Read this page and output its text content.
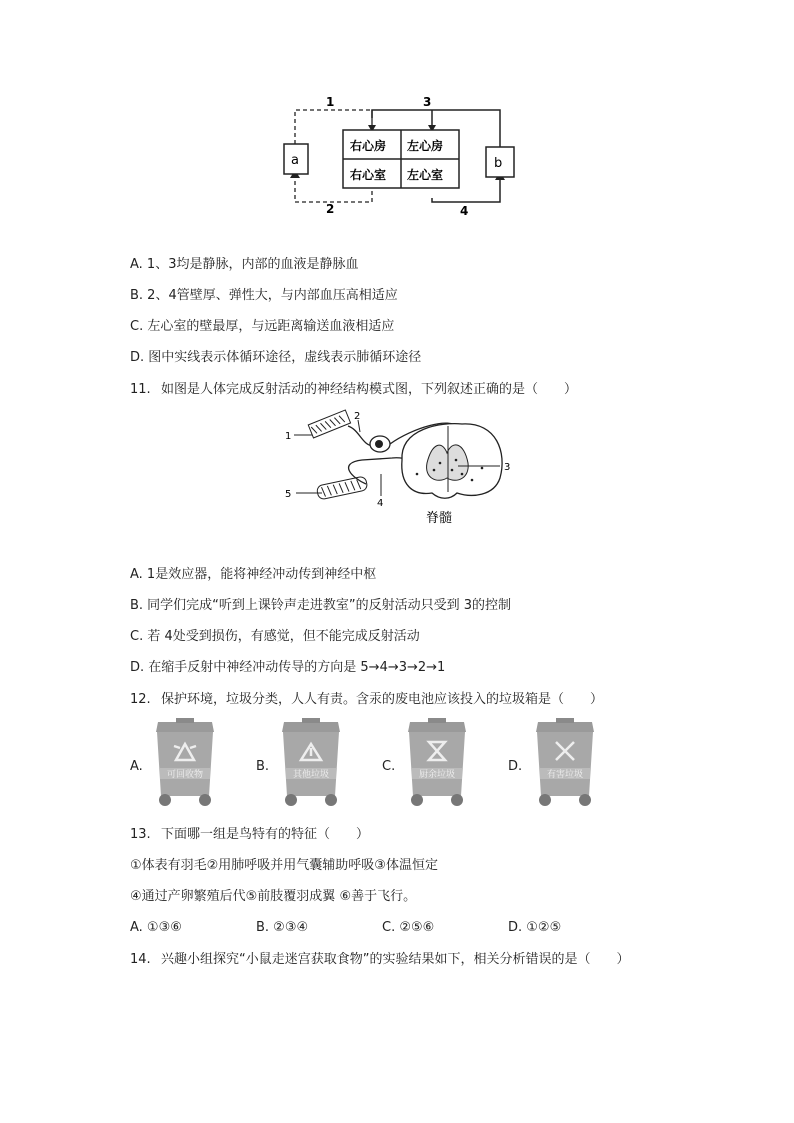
a	b
右心房 左心房
右心室 左心室
1	3
2	4
A. 1、3均是静脉，内部的血液是静脉血
B. 2、4管壁厚、弹性大，与内部血压高相适应
C. 左心室的壁最厚，与远距离输送血液相适应
D. 图中实线表示体循环途径，虚线表示肺循环途径
11. 如图是人体完成反射活动的神经结构模式图，下列叙述正确的是（　　）
1
2
3
5
4
脊髓
A. 1是效应器，能将神经冲动传到神经中枢
B. 同学们完成“听到上课铃声走进教室”的反射活动只受到 3的控制
C. 若 4处受到损伤，有感觉，但不能完成反射活动
D. 在缩手反射中神经冲动传导的方向是 5→4→3→2→1
12. 保护环境，垃圾分类，人人有责。含汞的废电池应该投入的垃圾箱是（　　）
A.
可回收物
B.
其他垃圾
C.
厨余垃圾
D.
有害垃圾
13. 下面哪一组是鸟特有的特征（　　）
①体表有羽毛②用肺呼吸并用气囊辅助呼吸③体温恒定
④通过产卵繁殖后代⑤前肢覆羽成翼 ⑥善于飞行。
A. ①③⑥	B. ②③④	C. ②⑤⑥	D. ①②⑤
14. 兴趣小组探究“小鼠走迷宫获取食物”的实验结果如下，相关分析错误的是（　　）
